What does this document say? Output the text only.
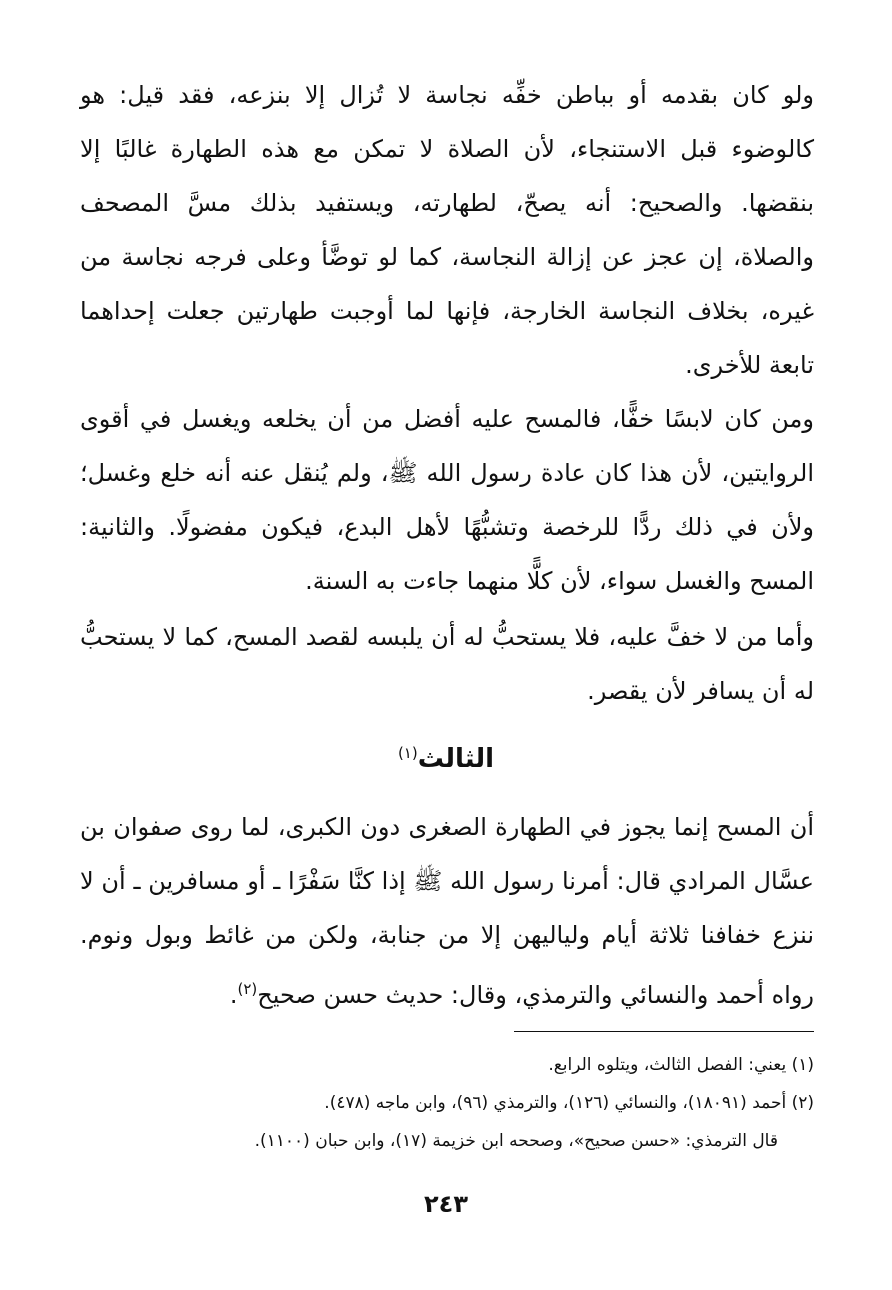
ولو كان بقدمه أو بباطن خفِّه نجاسة لا تُزال إلا بنزعه، فقد قيل: هو كالوضوء قبل الاستنجاء، لأن الصلاة لا تمكن مع هذه الطهارة غالبًا إلا بنقضها. والصحيح: أنه يصحّ، لطهارته، ويستفيد بذلك مسَّ المصحف والصلاة، إن عجز عن إزالة النجاسة، كما لو توضَّأ وعلى فرجه نجاسة من غيره، بخلاف النجاسة الخارجة، فإنها لما أوجبت طهارتين جعلت إحداهما تابعة للأخرى.
ومن كان لابسًا خفًّا، فالمسح عليه أفضل من أن يخلعه ويغسل في أقوى الروايتين، لأن هذا كان عادة رسول الله ﷺ، ولم يُنقل عنه أنه خلع وغسل؛ ولأن في ذلك ردًّا للرخصة وتشبُّهًا لأهل البدع، فيكون مفضولًا. والثانية: المسح والغسل سواء، لأن كلًّا منهما جاءت به السنة.
وأما من لا خفَّ عليه، فلا يستحبُّ له أن يلبسه لقصد المسح، كما لا يستحبُّ له أن يسافر لأن يقصر.
الثالث$^{(١)}$
أن المسح إنما يجوز في الطهارة الصغرى دون الكبرى، لما روى صفوان بن عسَّال المرادي قال: أمرنا رسول الله ﷺ إذا كنَّا سَفْرًا ـ أو مسافرين ـ أن لا ننزع خفافنا ثلاثة أيام ولياليهن إلا من جنابة، ولكن من غائط وبول ونوم. رواه أحمد والنسائي والترمذي، وقال: حديث حسن صحيح$^{(٢)}$.
(١) يعني: الفصل الثالث، ويتلوه الرابع.
(٢) أحمد (١٨٠٩١)، والنسائي (١٢٦)، والترمذي (٩٦)، وابن ماجه (٤٧٨).
قال الترمذي: «حسن صحيح»، وصححه ابن خزيمة (١٧)، وابن حبان (١١٠٠).
٢٤٣
